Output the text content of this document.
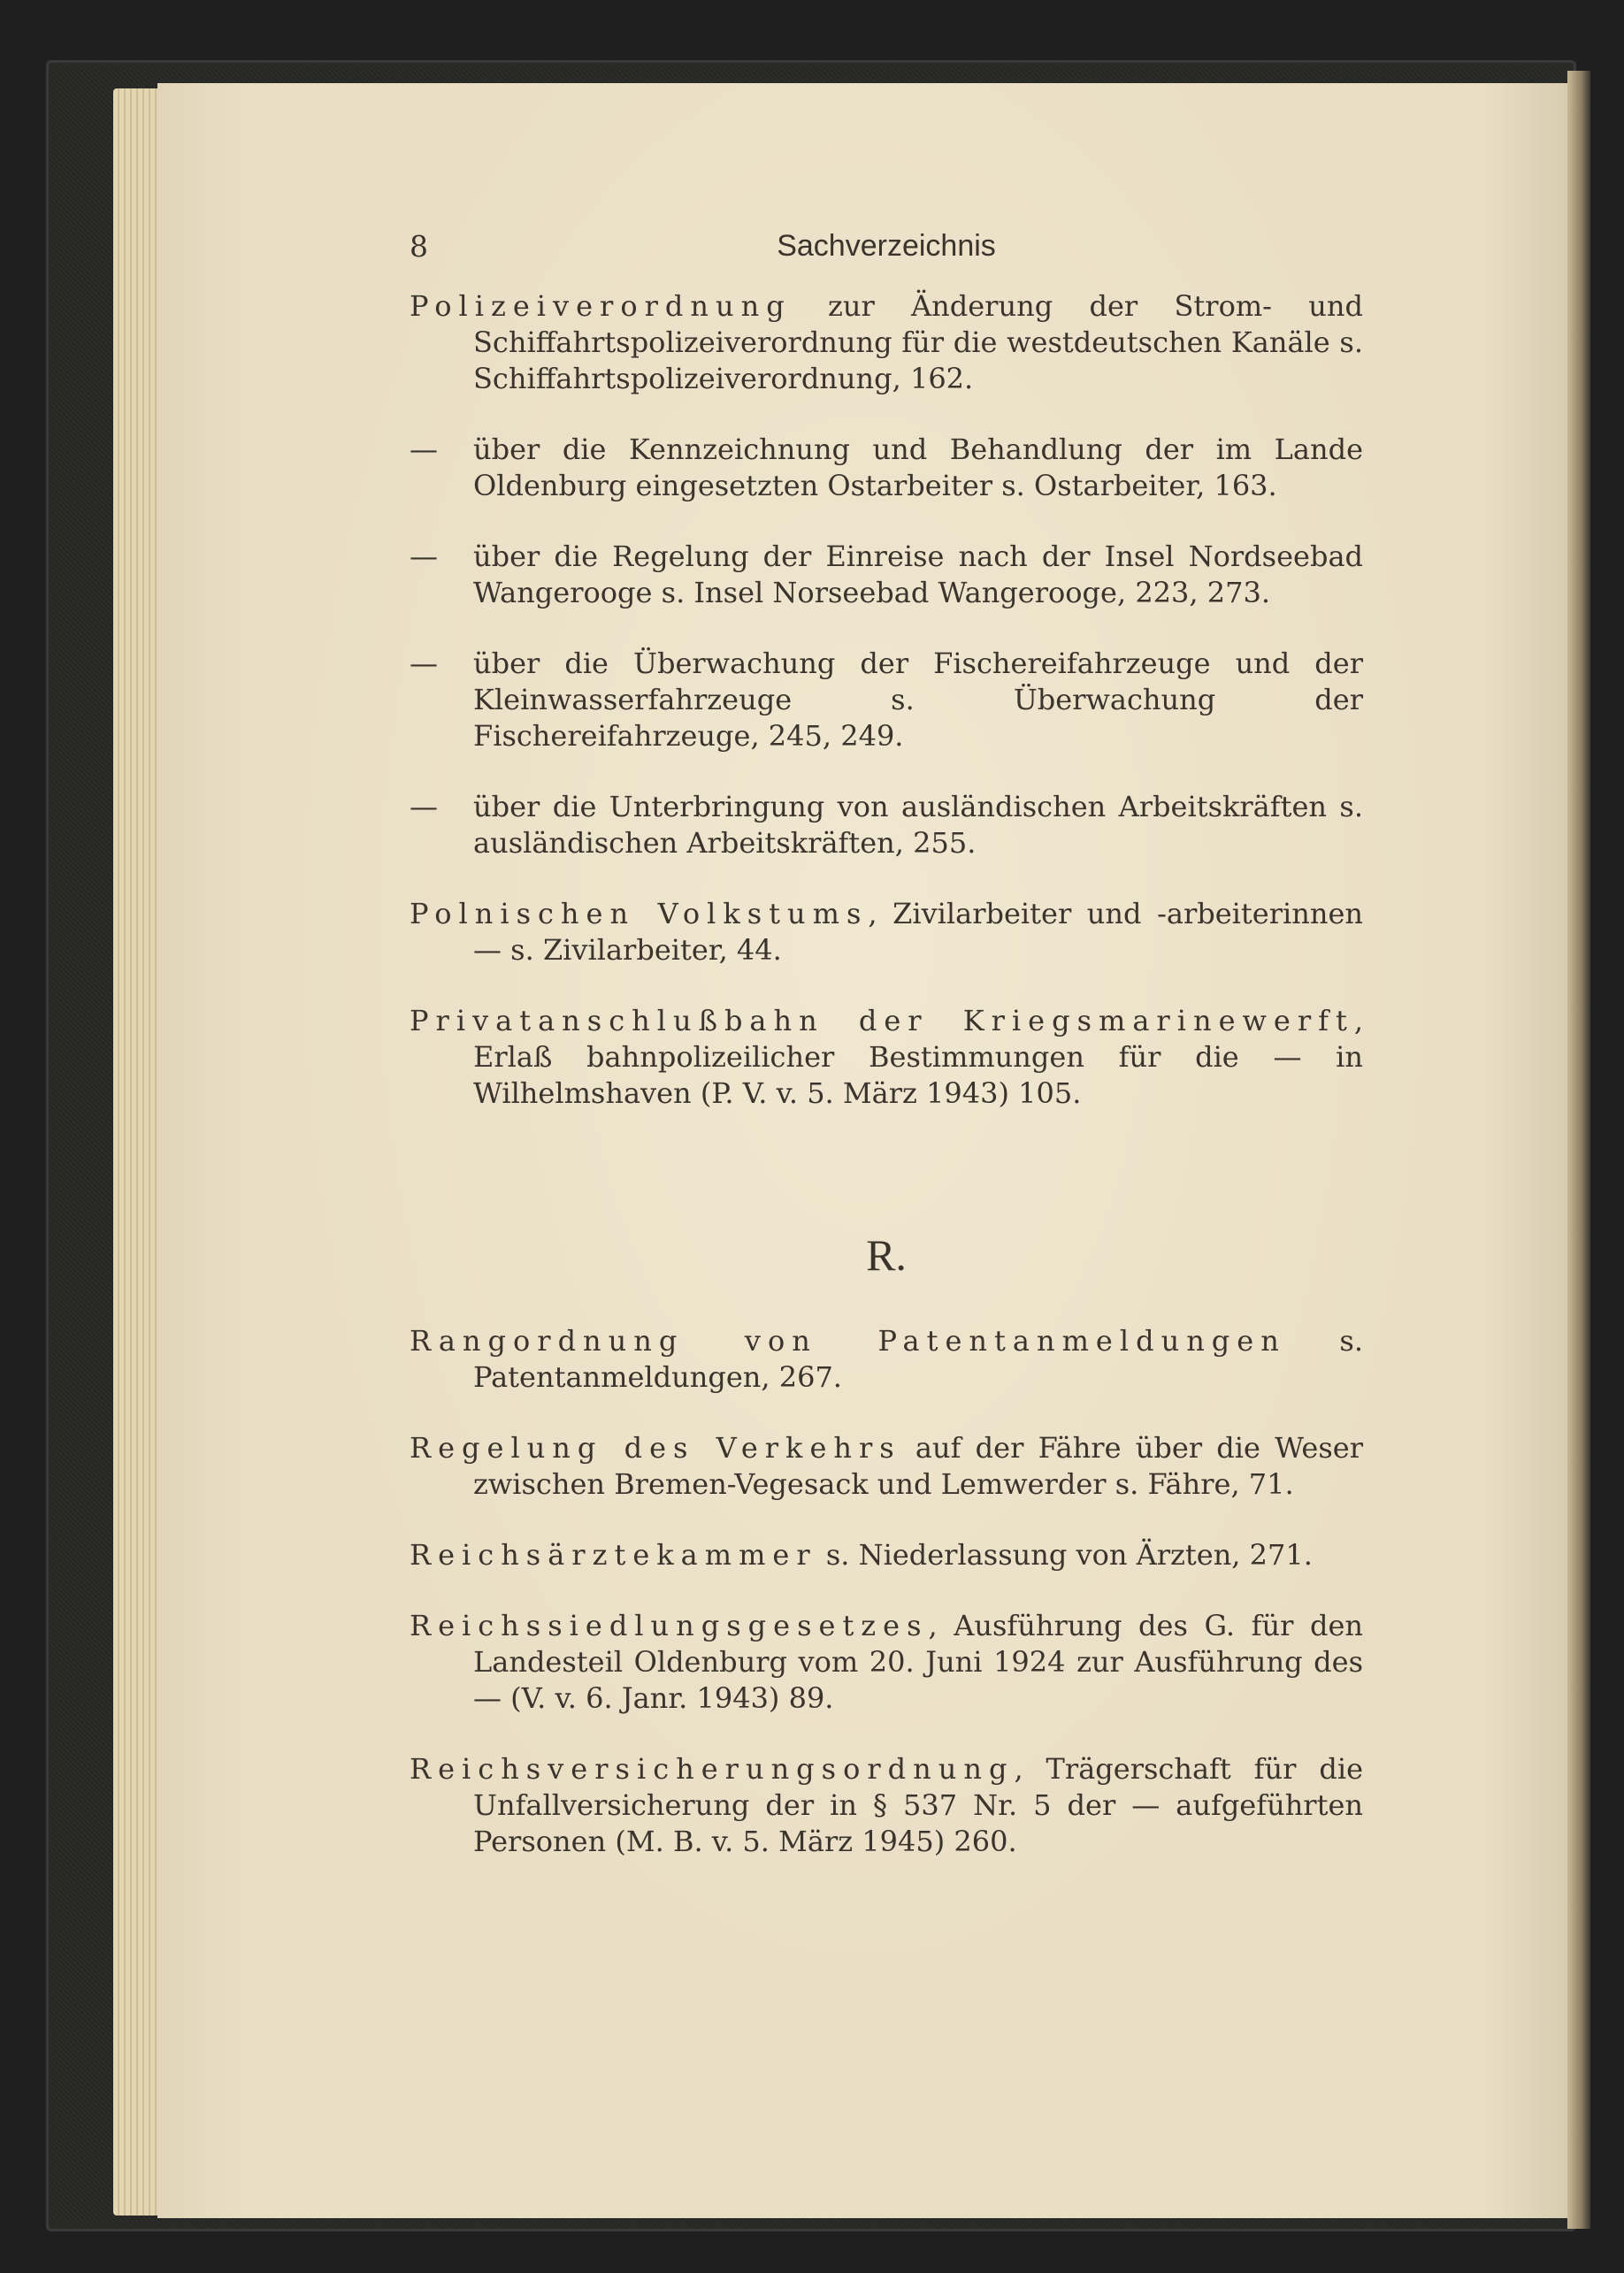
8	Sachverzeichnis
Polizeiverordnung zur Änderung der Strom- und Schiffahrtspolizeiverordnung für die westdeutschen Kanäle s. Schiffahrtspolizeiverordnung, 162.
— über die Kennzeichnung und Behandlung der im Lande Oldenburg eingesetzten Ostarbeiter s. Ostarbeiter, 163.
— über die Regelung der Einreise nach der Insel Nordseebad Wangerooge s. Insel Norseebad Wangerooge, 223, 273.
— über die Überwachung der Fischereifahrzeuge und der Kleinwasserfahrzeuge s. Überwachung der Fischereifahrzeuge, 245, 249.
— über die Unterbringung von ausländischen Arbeitskräften s. ausländischen Arbeitskräften, 255.
Polnischen Volkstums, Zivilarbeiter und -arbeiterinnen — s. Zivilarbeiter, 44.
Privatanschlußbahn der Kriegsmarinewerft, Erlaß bahnpolizeilicher Bestimmungen für die — in Wilhelmshaven (P. V. v. 5. März 1943) 105.
R.
Rangordnung von Patentanmeldungen s. Patentanmeldungen, 267.
Regelung des Verkehrs auf der Fähre über die Weser zwischen Bremen-Vegesack und Lemwerder s. Fähre, 71.
Reichsärztekammer s. Niederlassung von Ärzten, 271.
Reichssiedlungsgesetzes, Ausführung des G. für den Landesteil Oldenburg vom 20. Juni 1924 zur Ausführung des — (V. v. 6. Janr. 1943) 89.
Reichsversicherungsordnung, Trägerschaft für die Unfallversicherung der in § 537 Nr. 5 der — aufgeführten Personen (M. B. v. 5. März 1945) 260.
